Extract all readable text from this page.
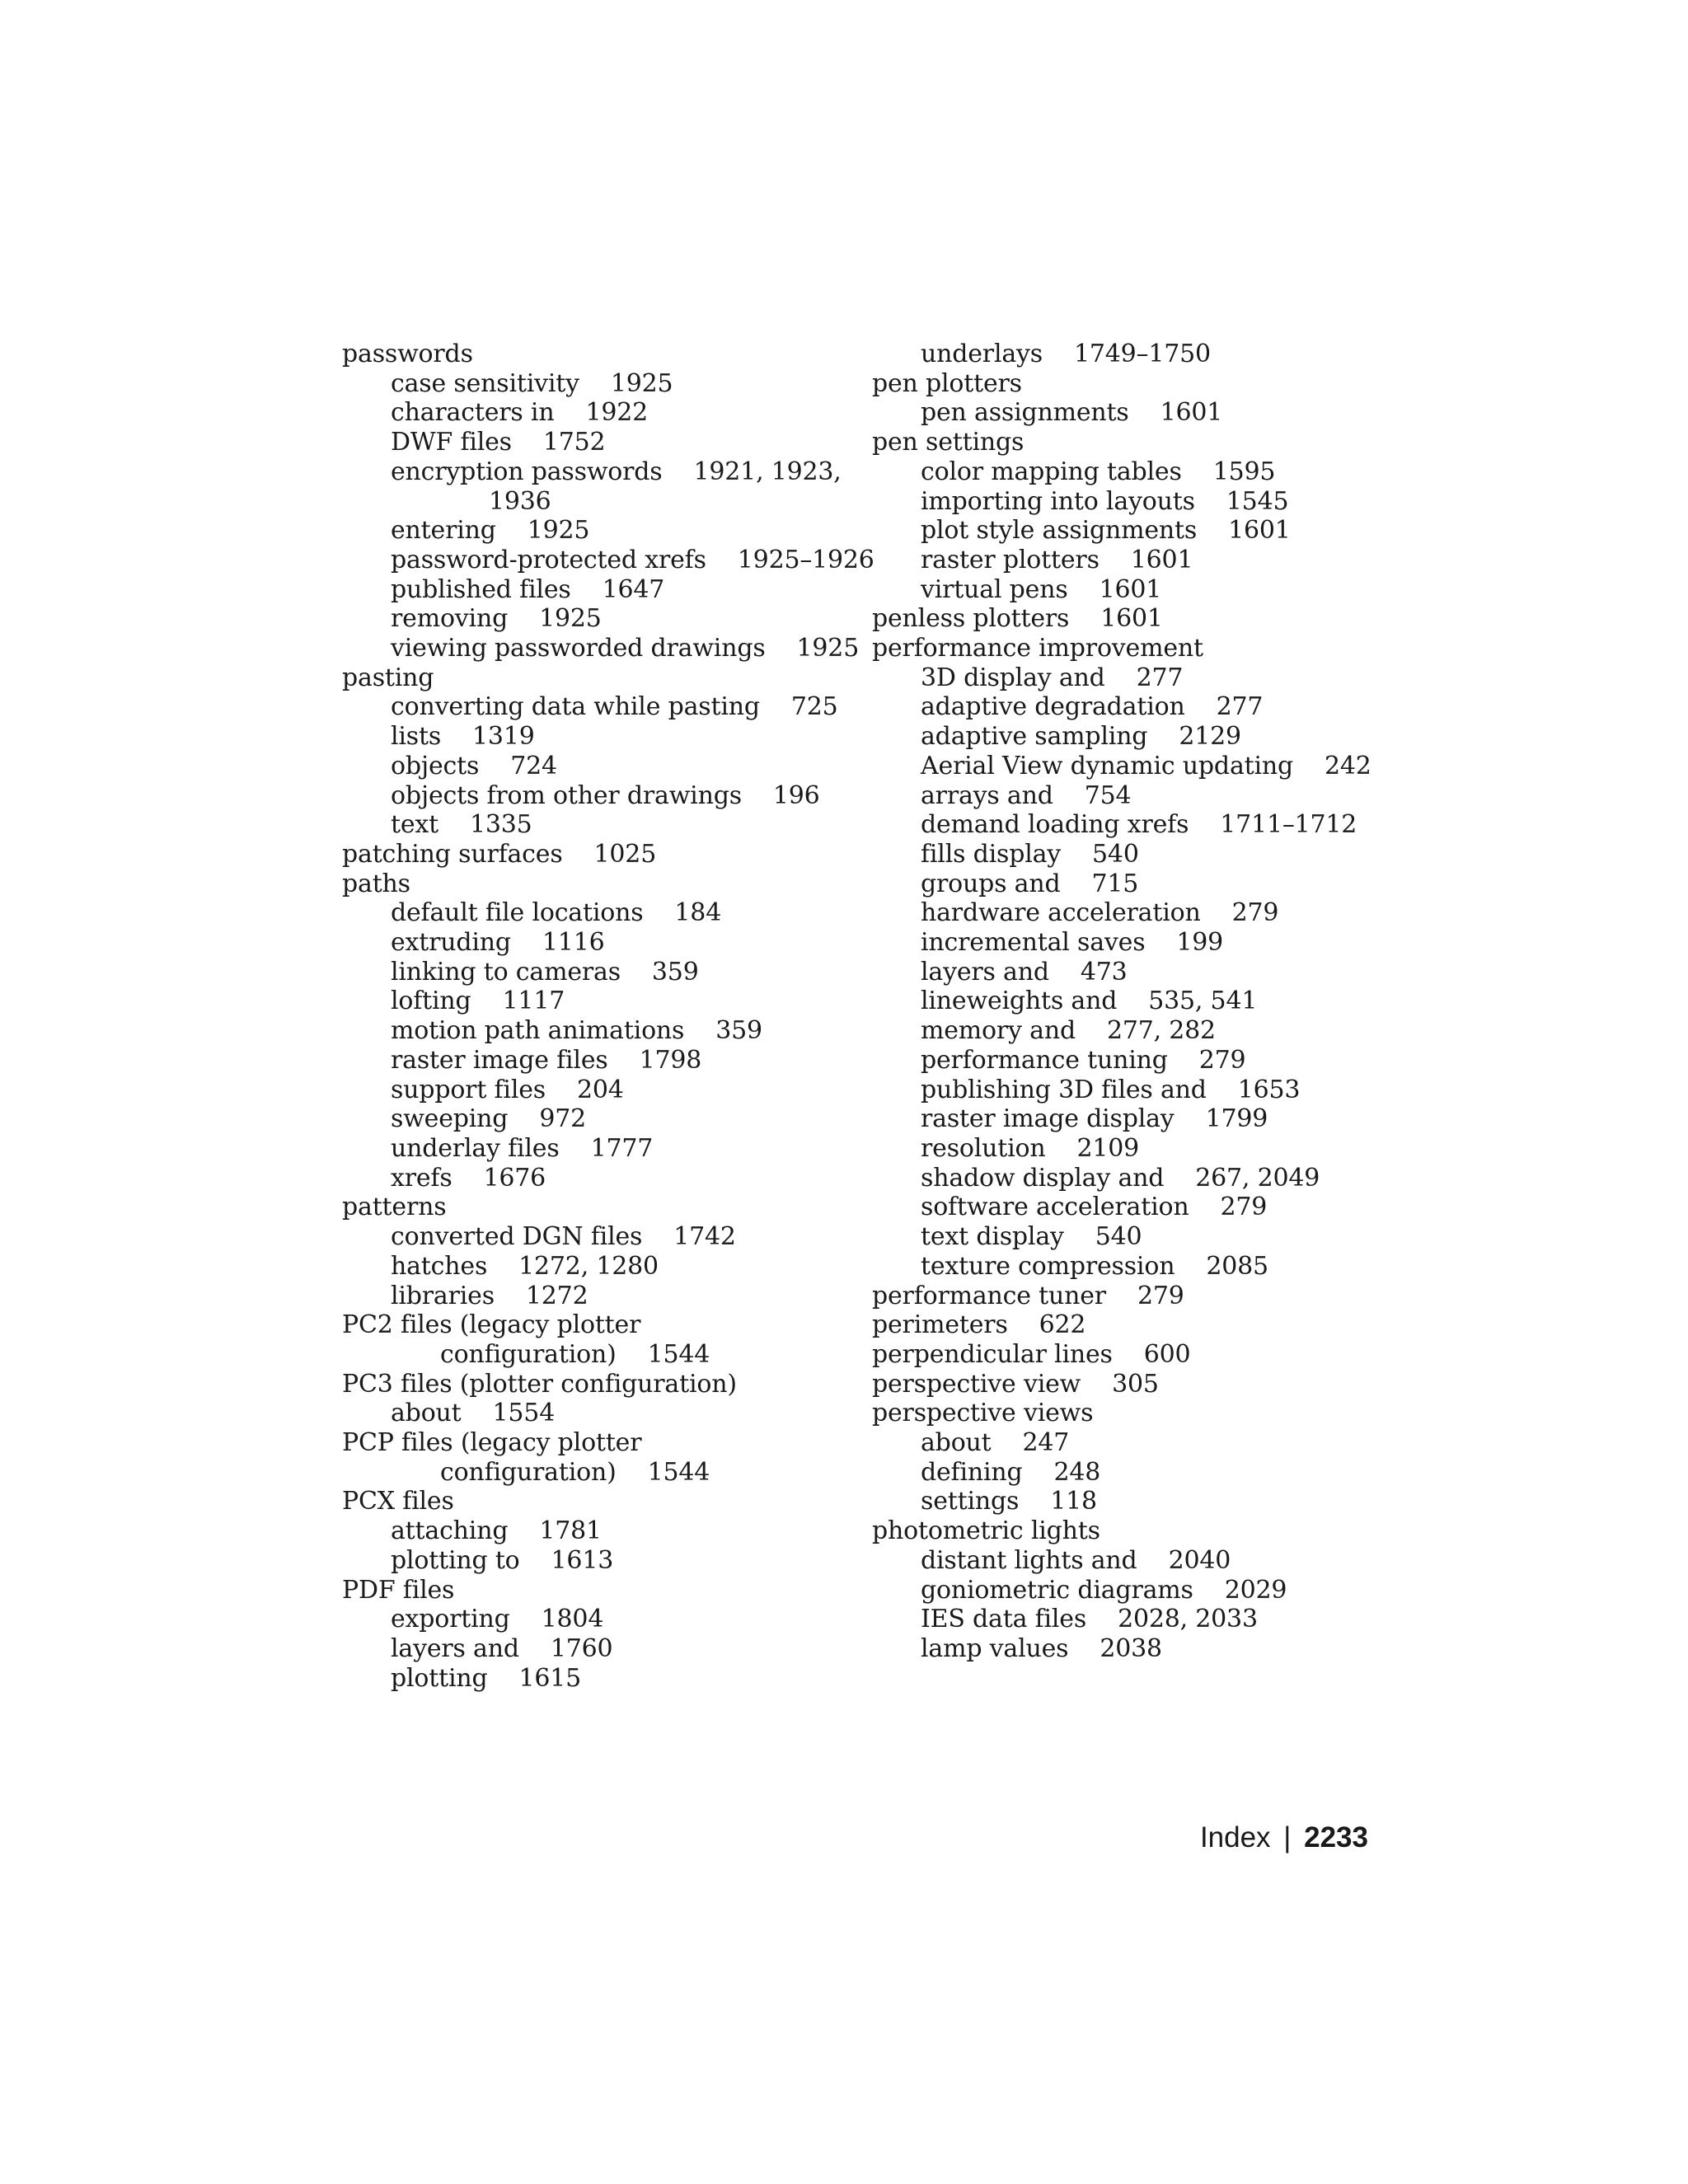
passwords
case sensitivity 1925
characters in 1922
DWF files 1752
encryption passwords 1921, 1923,
1936
entering 1925
password-protected xrefs 1925–1926
published files 1647
removing 1925
viewing passworded drawings 1925
pasting
converting data while pasting 725
lists 1319
objects 724
objects from other drawings 196
text 1335
patching surfaces 1025
paths
default file locations 184
extruding 1116
linking to cameras 359
lofting 1117
motion path animations 359
raster image files 1798
support files 204
sweeping 972
underlay files 1777
xrefs 1676
patterns
converted DGN files 1742
hatches 1272, 1280
libraries 1272
PC2 files (legacy plotter
configuration) 1544
PC3 files (plotter configuration)
about 1554
PCP files (legacy plotter
configuration) 1544
PCX files
attaching 1781
plotting to 1613
PDF files
exporting 1804
layers and 1760
plotting 1615
underlays 1749–1750
pen plotters
pen assignments 1601
pen settings
color mapping tables 1595
importing into layouts 1545
plot style assignments 1601
raster plotters 1601
virtual pens 1601
penless plotters 1601
performance improvement
3D display and 277
adaptive degradation 277
adaptive sampling 2129
Aerial View dynamic updating 242
arrays and 754
demand loading xrefs 1711–1712
fills display 540
groups and 715
hardware acceleration 279
incremental saves 199
layers and 473
lineweights and 535, 541
memory and 277, 282
performance tuning 279
publishing 3D files and 1653
raster image display 1799
resolution 2109
shadow display and 267, 2049
software acceleration 279
text display 540
texture compression 2085
performance tuner 279
perimeters 622
perpendicular lines 600
perspective view 305
perspective views
about 247
defining 248
settings 118
photometric lights
distant lights and 2040
goniometric diagrams 2029
IES data files 2028, 2033
lamp values 2038
Index | 2233
